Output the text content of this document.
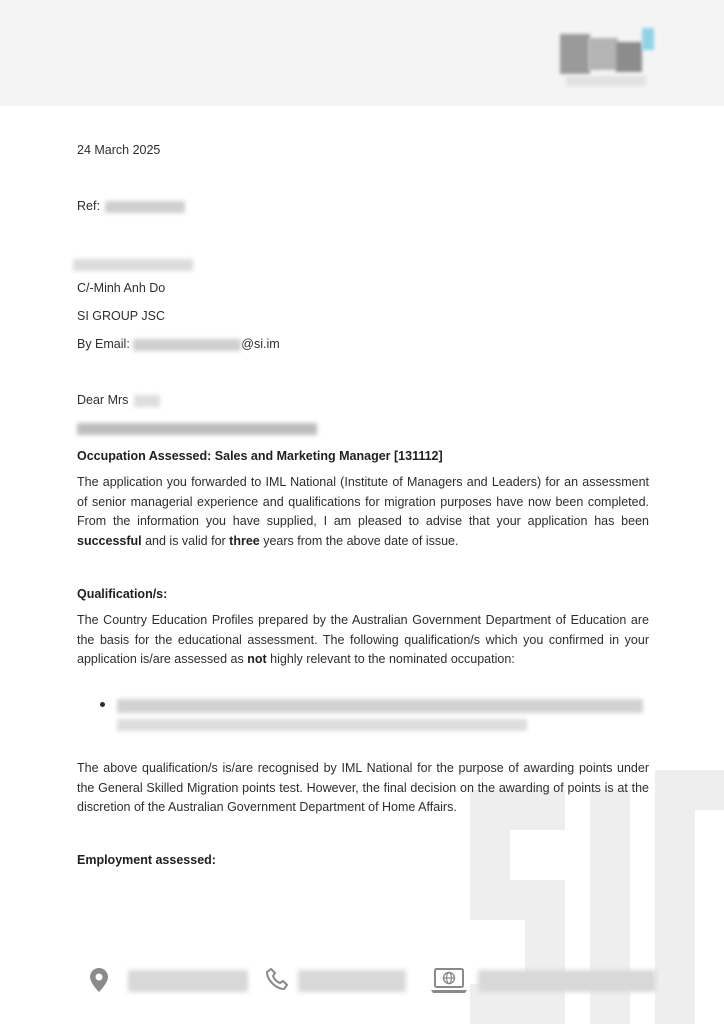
24 March 2025
Ref:
C/-Minh Anh Do
SI GROUP JSC
By Email:	@si.im
Dear Mrs
Occupation Assessed: Sales and Marketing Manager [131112]
The application you forwarded to IML National (Institute of Managers and Leaders) for an assessment of senior managerial experience and qualifications for migration purposes have now been completed. From the information you have supplied, I am pleased to advise that your application has been successful and is valid for three years from the above date of issue.
Qualification/s:
The Country Education Profiles prepared by the Australian Government Department of Education are the basis for the educational assessment. The following qualification/s which you confirmed in your application is/are assessed as not highly relevant to the nominated occupation:
The above qualification/s is/are recognised by IML National for the purpose of awarding points under the General Skilled Migration points test. However, the final decision on the awarding of points is at the discretion of the Australian Government Department of Home Affairs.
Employment assessed:
